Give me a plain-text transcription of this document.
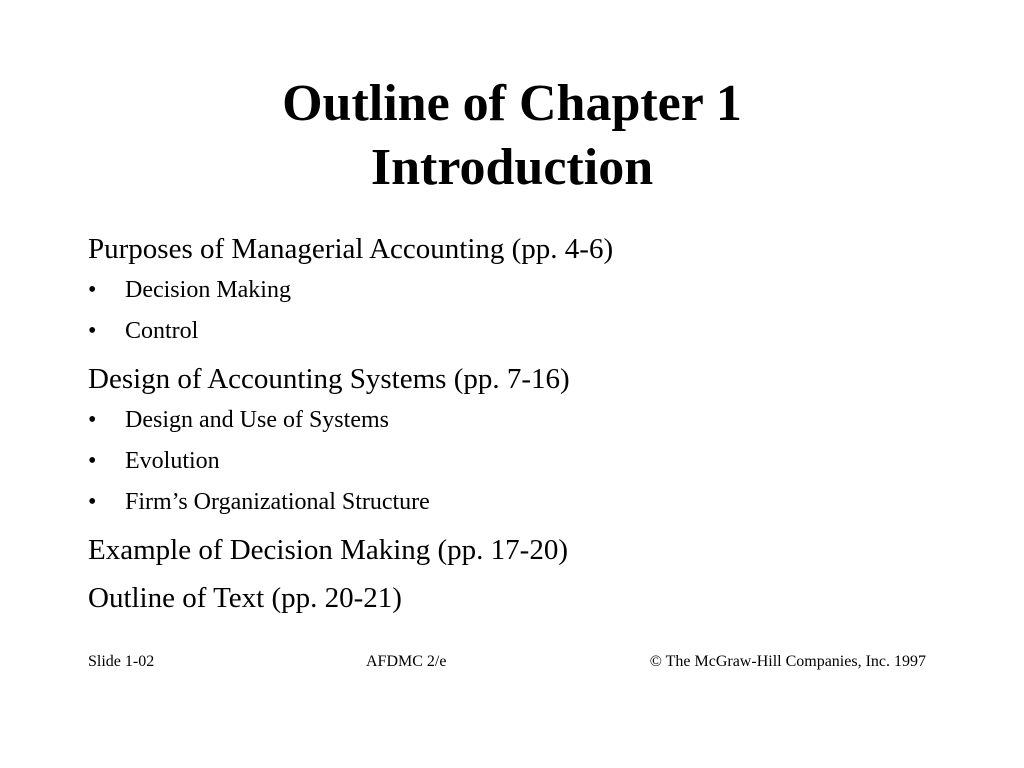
Outline of Chapter 1
Introduction
Purposes of Managerial Accounting (pp. 4-6)
• Decision Making
• Control
Design of Accounting Systems (pp. 7-16)
• Design and Use of Systems
• Evolution
• Firm’s Organizational Structure
Example of Decision Making (pp. 17-20)
Outline of Text (pp. 20-21)
Slide 1-02	AFDMC 2/e	© The McGraw-Hill Companies, Inc. 1997
